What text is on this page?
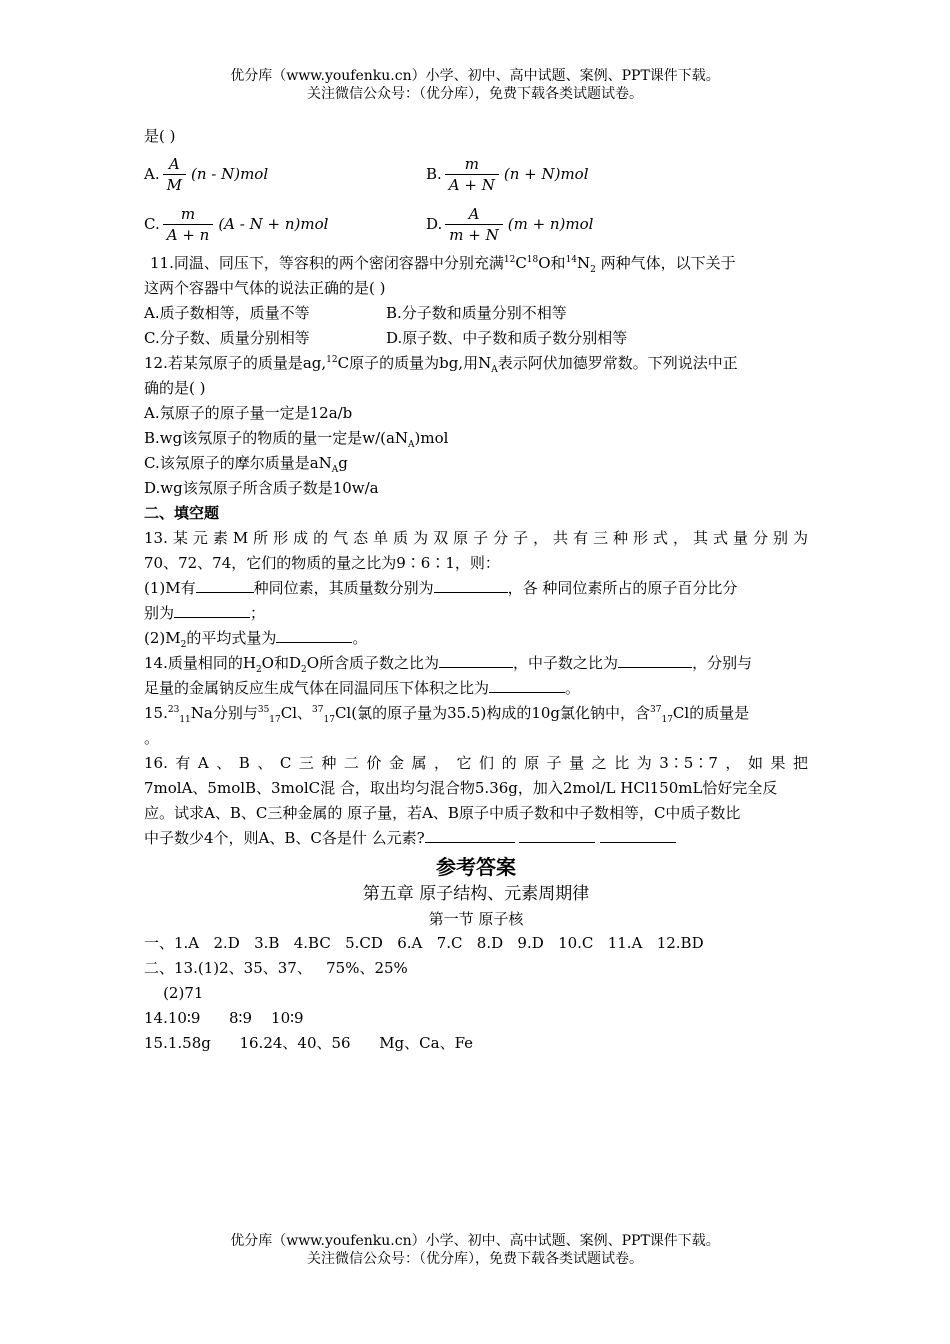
优分库（www.youfenku.cn）小学、初中、高中试题、案例、PPT课件下载。
关注微信公众号：（优分库），免费下载各类试题试卷。
是( )
A. $\frac{A}{M} (n - N)mol$	B. $\frac{m}{A + N} (n + N)mol$
C. $\frac{m}{A + n} (A - N + n)mol$	D. $\frac{A}{m + N} (m + n)mol$
11.同温、同压下，等容积的两个密闭容器中分别充满$^{12}C^{18}O$和$^{14}N_2$ 两种气体，以下关于
这两个容器中气体的说法正确的是( )
A.质子数相等，质量不等	B.分子数和质量分别不相等
C.分子数、质量分别相等	D.原子数、中子数和质子数分别相等
12.若某氖原子的质量是ag,$^{12}$C原子的质量为bg,用$N_A$表示阿伏加德罗常数。下列说法中正
确的是( )
A.氖原子的原子量一定是12a/b
B.wg该氖原子的物质的量一定是$w/(aN_A)mol$
C.该氖原子的摩尔质量是$aN_Ag$
D.wg该氖原子所含质子数是10w/a
二、填空题
13.某元素M所形成的气态单质为双原子分子，共有三种形式，其式量分别为
70、72、74，它们的物质的量之比为9∶6∶1，则：
(1)M有	种同位素，其质量数分别为	，各 种同位素所占的原子百分比分
别为	；
$(2)M_2$的平均式量为	。
14.质量相同的$H_2O$和$D_2O$所含质子数之比为	，中子数之比为	，分别与
足量的金属钠反应生成气体在同温同压下体积之比为	。
$15.23_{11}Na$分别与$^{35}_{17}$Cl、$^{37}_{17}$Cl(氯的原子量为35.5)构成的10g氯化钠中，含$^{37}_{17}$Cl的质量是
。
16.有A、B、C三种二价金属，它们的原子量之比为3∶5∶7，如果把
7molA、5molB、3molC混 合，取出均匀混合物5.36g，加入2mol/L HCl150mL恰好完全反
应。试求A、B、C三种金属的 原子量，若A、B原子中质子数和中子数相等，C中质子数比
中子数少4个，则A、B、C各是什 么元素?
参考答案
第五章 原子结构、元素周期律
第一节 原子核
一、1.A   2.D   3.B   4.BC   5.CD   6.A   7.C   8.D   9.D   10.C   11.A   12.BD
二、13.(1)2、35、37、   75%、25%
(2)71
14.10∶9      8∶9    10∶9
15.1.58g      16.24、40、56      Mg、Ca、Fe
优分库（www.youfenku.cn）小学、初中、高中试题、案例、PPT课件下载。
关注微信公众号：（优分库），免费下载各类试题试卷。
